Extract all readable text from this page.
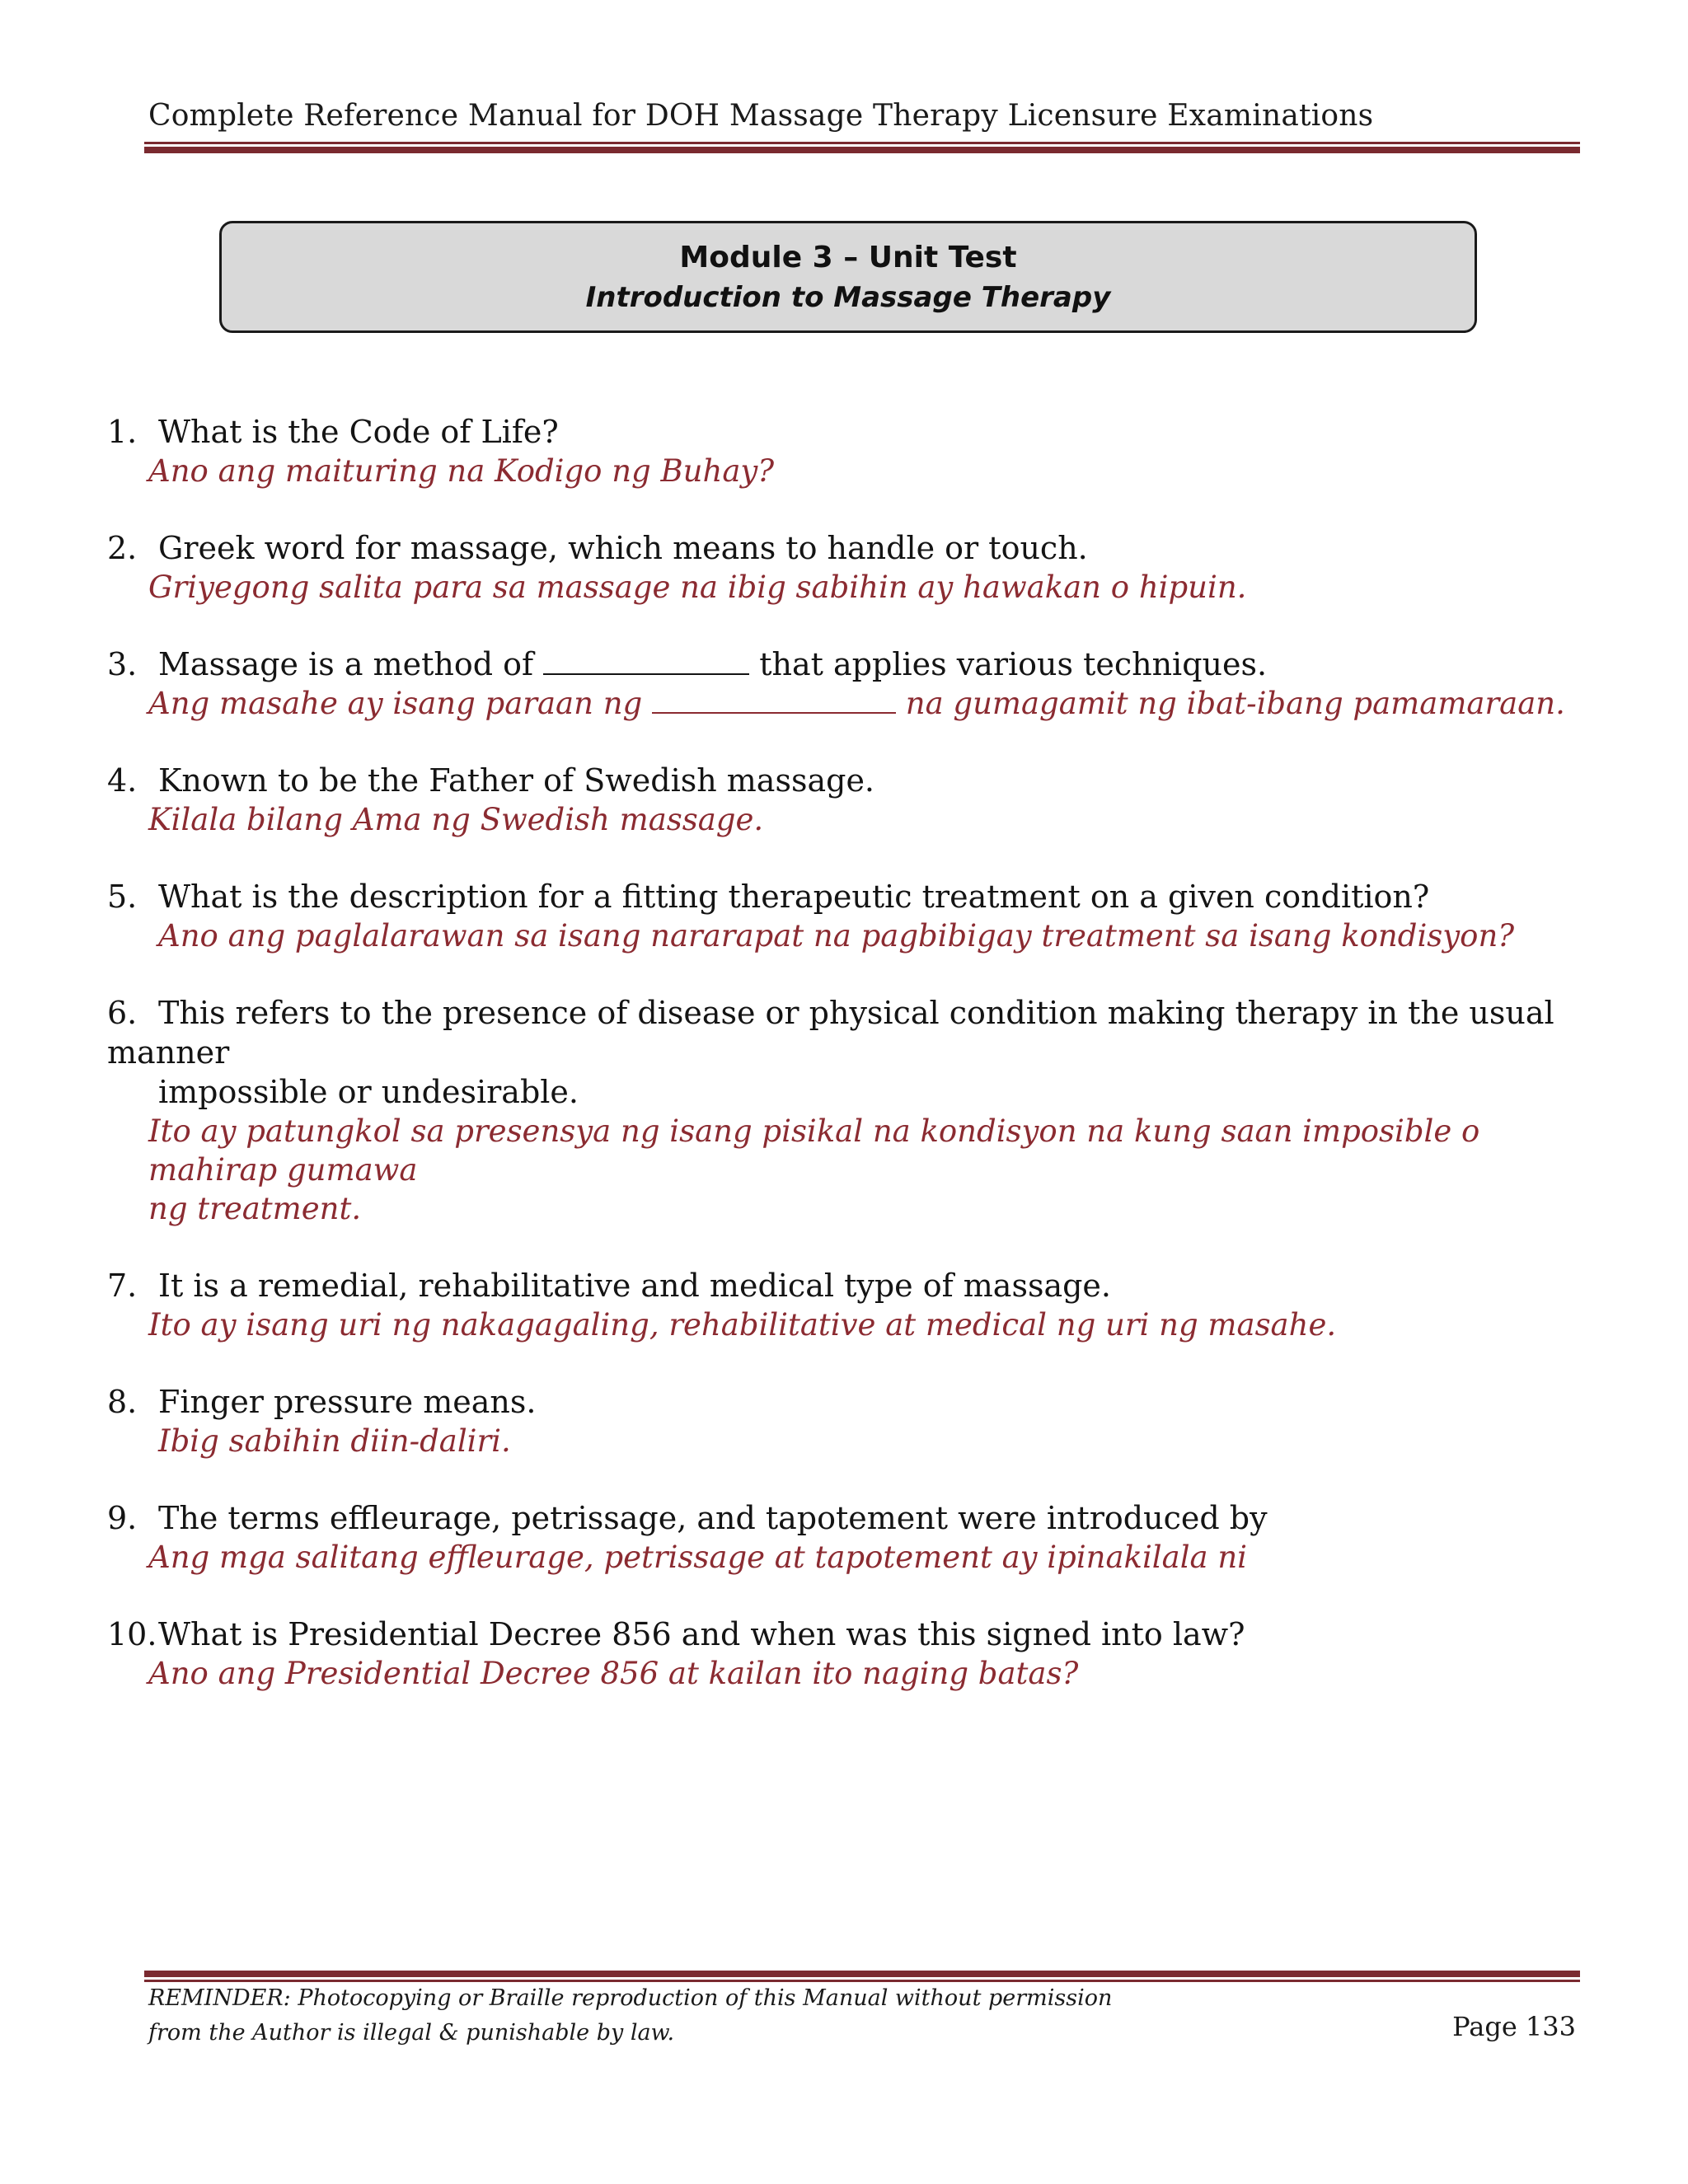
Complete Reference Manual for DOH Massage Therapy Licensure Examinations
Module 3 – Unit Test
Introduction to Massage Therapy
1. What is the Code of Life?
Ano ang maituring na Kodigo ng Buhay?
2. Greek word for massage, which means to handle or touch.
Griyegong salita para sa massage na ibig sabihin ay hawakan o hipuin.
3. Massage is a method of	that applies various techniques.
Ang masahe ay isang paraan ng	na gumagamit ng ibat-ibang pamamaraan.
4. Known to be the Father of Swedish massage.
Kilala bilang Ama ng Swedish massage.
5. What is the description for a fitting therapeutic treatment on a given condition?
Ano ang paglalarawan sa isang nararapat na pagbibigay treatment sa isang kondisyon?
6. This refers to the presence of disease or physical condition making therapy in the usual manner
impossible or undesirable.
Ito ay patungkol sa presensya ng isang pisikal na kondisyon na kung saan imposible o mahirap gumawa
ng treatment.
7. It is a remedial, rehabilitative and medical type of massage.
Ito ay isang uri ng nakagagaling, rehabilitative at medical ng uri ng masahe.
8. Finger pressure means.
Ibig sabihin diin-daliri.
9. The terms effleurage, petrissage, and tapotement were introduced by
Ang mga salitang effleurage, petrissage at tapotement ay ipinakilala ni
10.What is Presidential Decree 856 and when was this signed into law?
Ano ang Presidential Decree 856 at kailan ito naging batas?
REMINDER: Photocopying or Braille reproduction of this Manual without permission
from the Author is illegal & punishable by law.	Page 133
